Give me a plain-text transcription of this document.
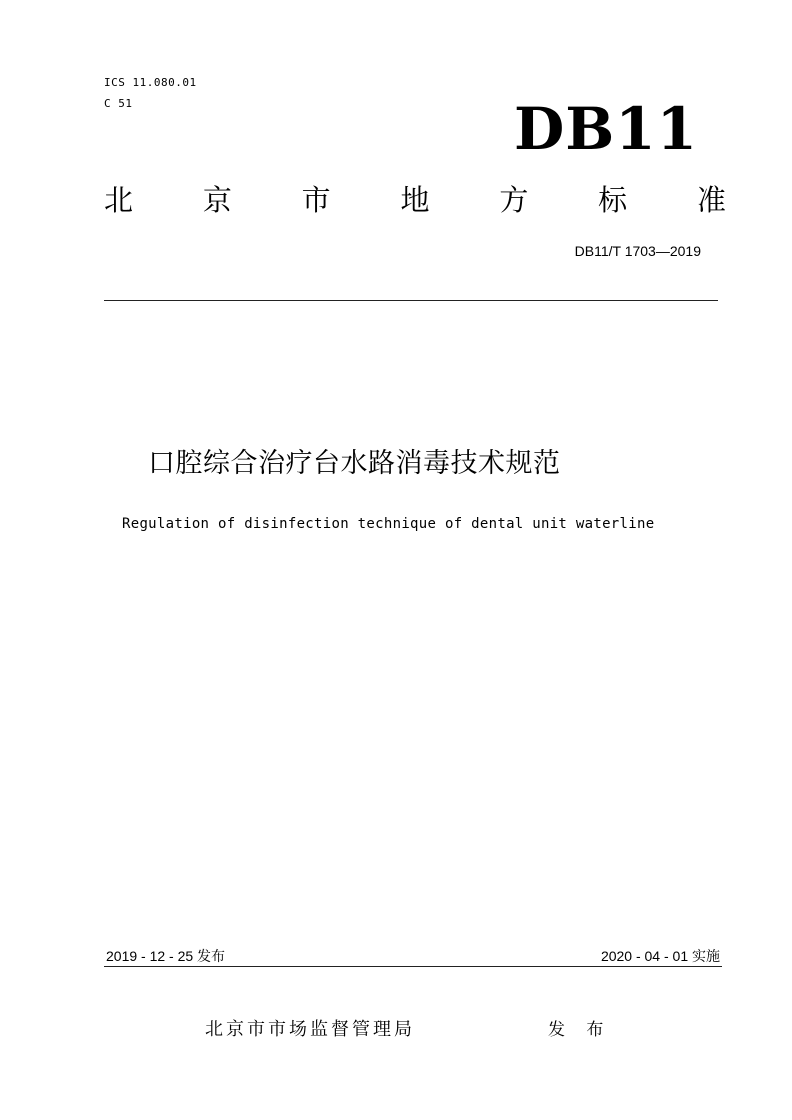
ICS 11.080.01
C 51	DB11
北 京 市 地 方 标 准
DB11/T 1703—2019
口腔综合治疗台水路消毒技术规范
Regulation of disinfection technique of dental unit waterline
2019 - 12 - 25 发布	2020 - 04 - 01 实施
北京市市场监督管理局	发 布
